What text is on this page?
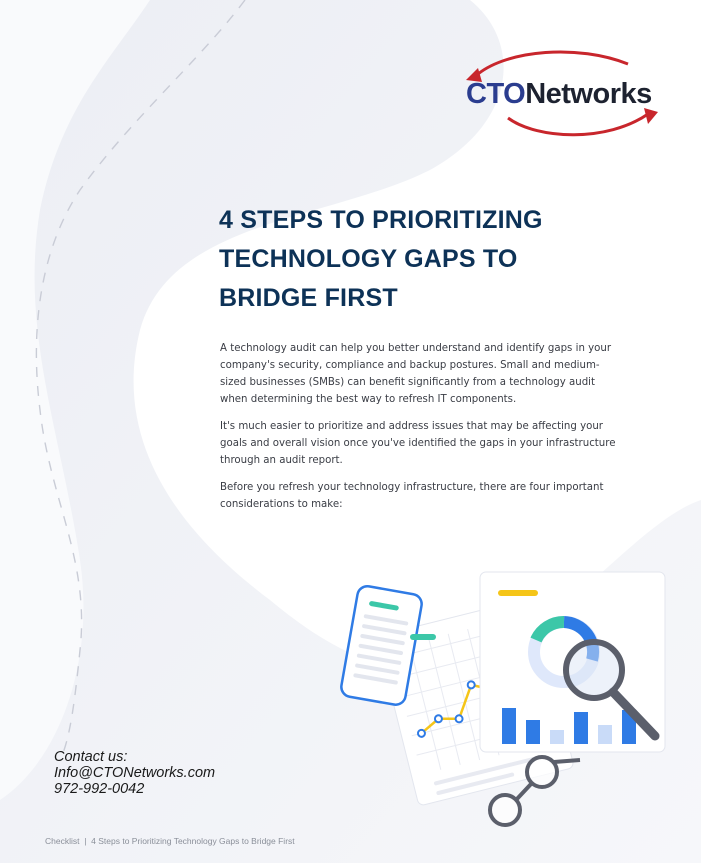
CTONetworks
4 STEPS TO PRIORITIZING
TECHNOLOGY GAPS TO
BRIDGE FIRST

A technology audit can help you better understand and identify gaps in your company's security, compliance and backup postures. Small and medium-sized businesses (SMBs) can benefit significantly from a technology audit when determining the best way to refresh IT components.

It's much easier to prioritize and address issues that may be affecting your goals and overall vision once you've identified the gaps in your infrastructure through an audit report.

Before you refresh your technology infrastructure, there are four important considerations to make:

Contact us:
Info@CTONetworks.com
972-992-0042
Checklist | 4 Steps to Prioritizing Technology Gaps to Bridge First
